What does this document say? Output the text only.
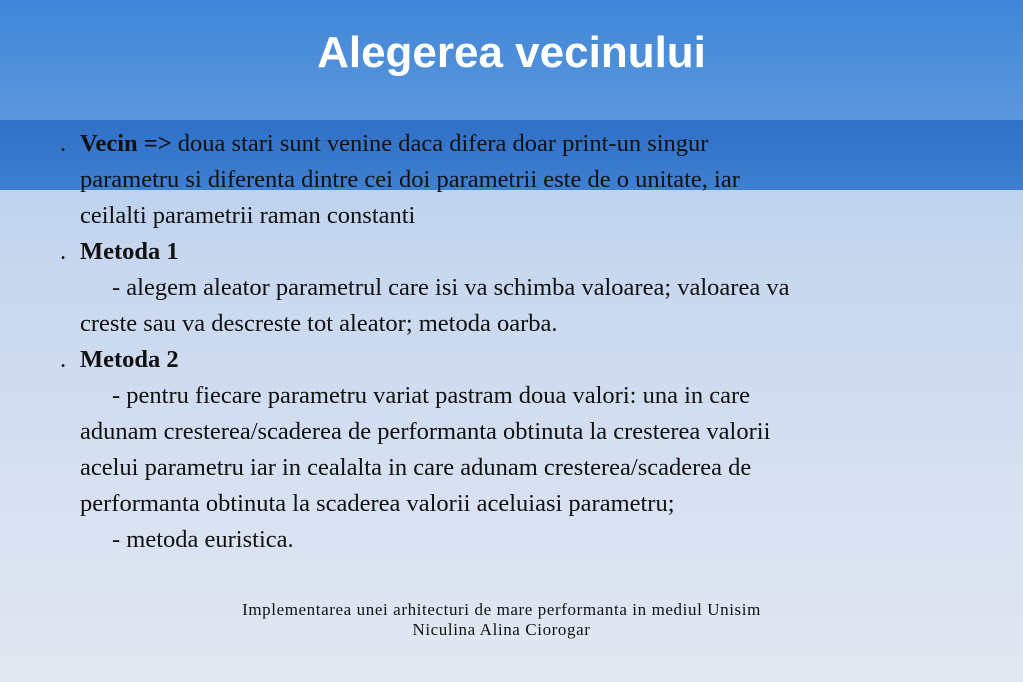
Alegerea vecinului
. Vecin => doua stari sunt venine daca difera doar print-un singur
parametru si diferenta dintre cei doi parametrii este de o unitate, iar
ceilalti parametrii raman constanti
. Metoda 1
- alegem aleator parametrul care isi va schimba valoarea; valoarea va
creste sau va descreste tot aleator; metoda oarba.
. Metoda 2
- pentru fiecare parametru variat pastram doua valori: una in care
adunam cresterea/scaderea de performanta obtinuta la cresterea valorii
acelui parametru iar in cealalta in care adunam cresterea/scaderea de
performanta obtinuta la scaderea valorii aceluiasi parametru;
- metoda euristica.
Implementarea unei arhitecturi de mare performanta in mediul Unisim
Niculina Alina Ciorogar
